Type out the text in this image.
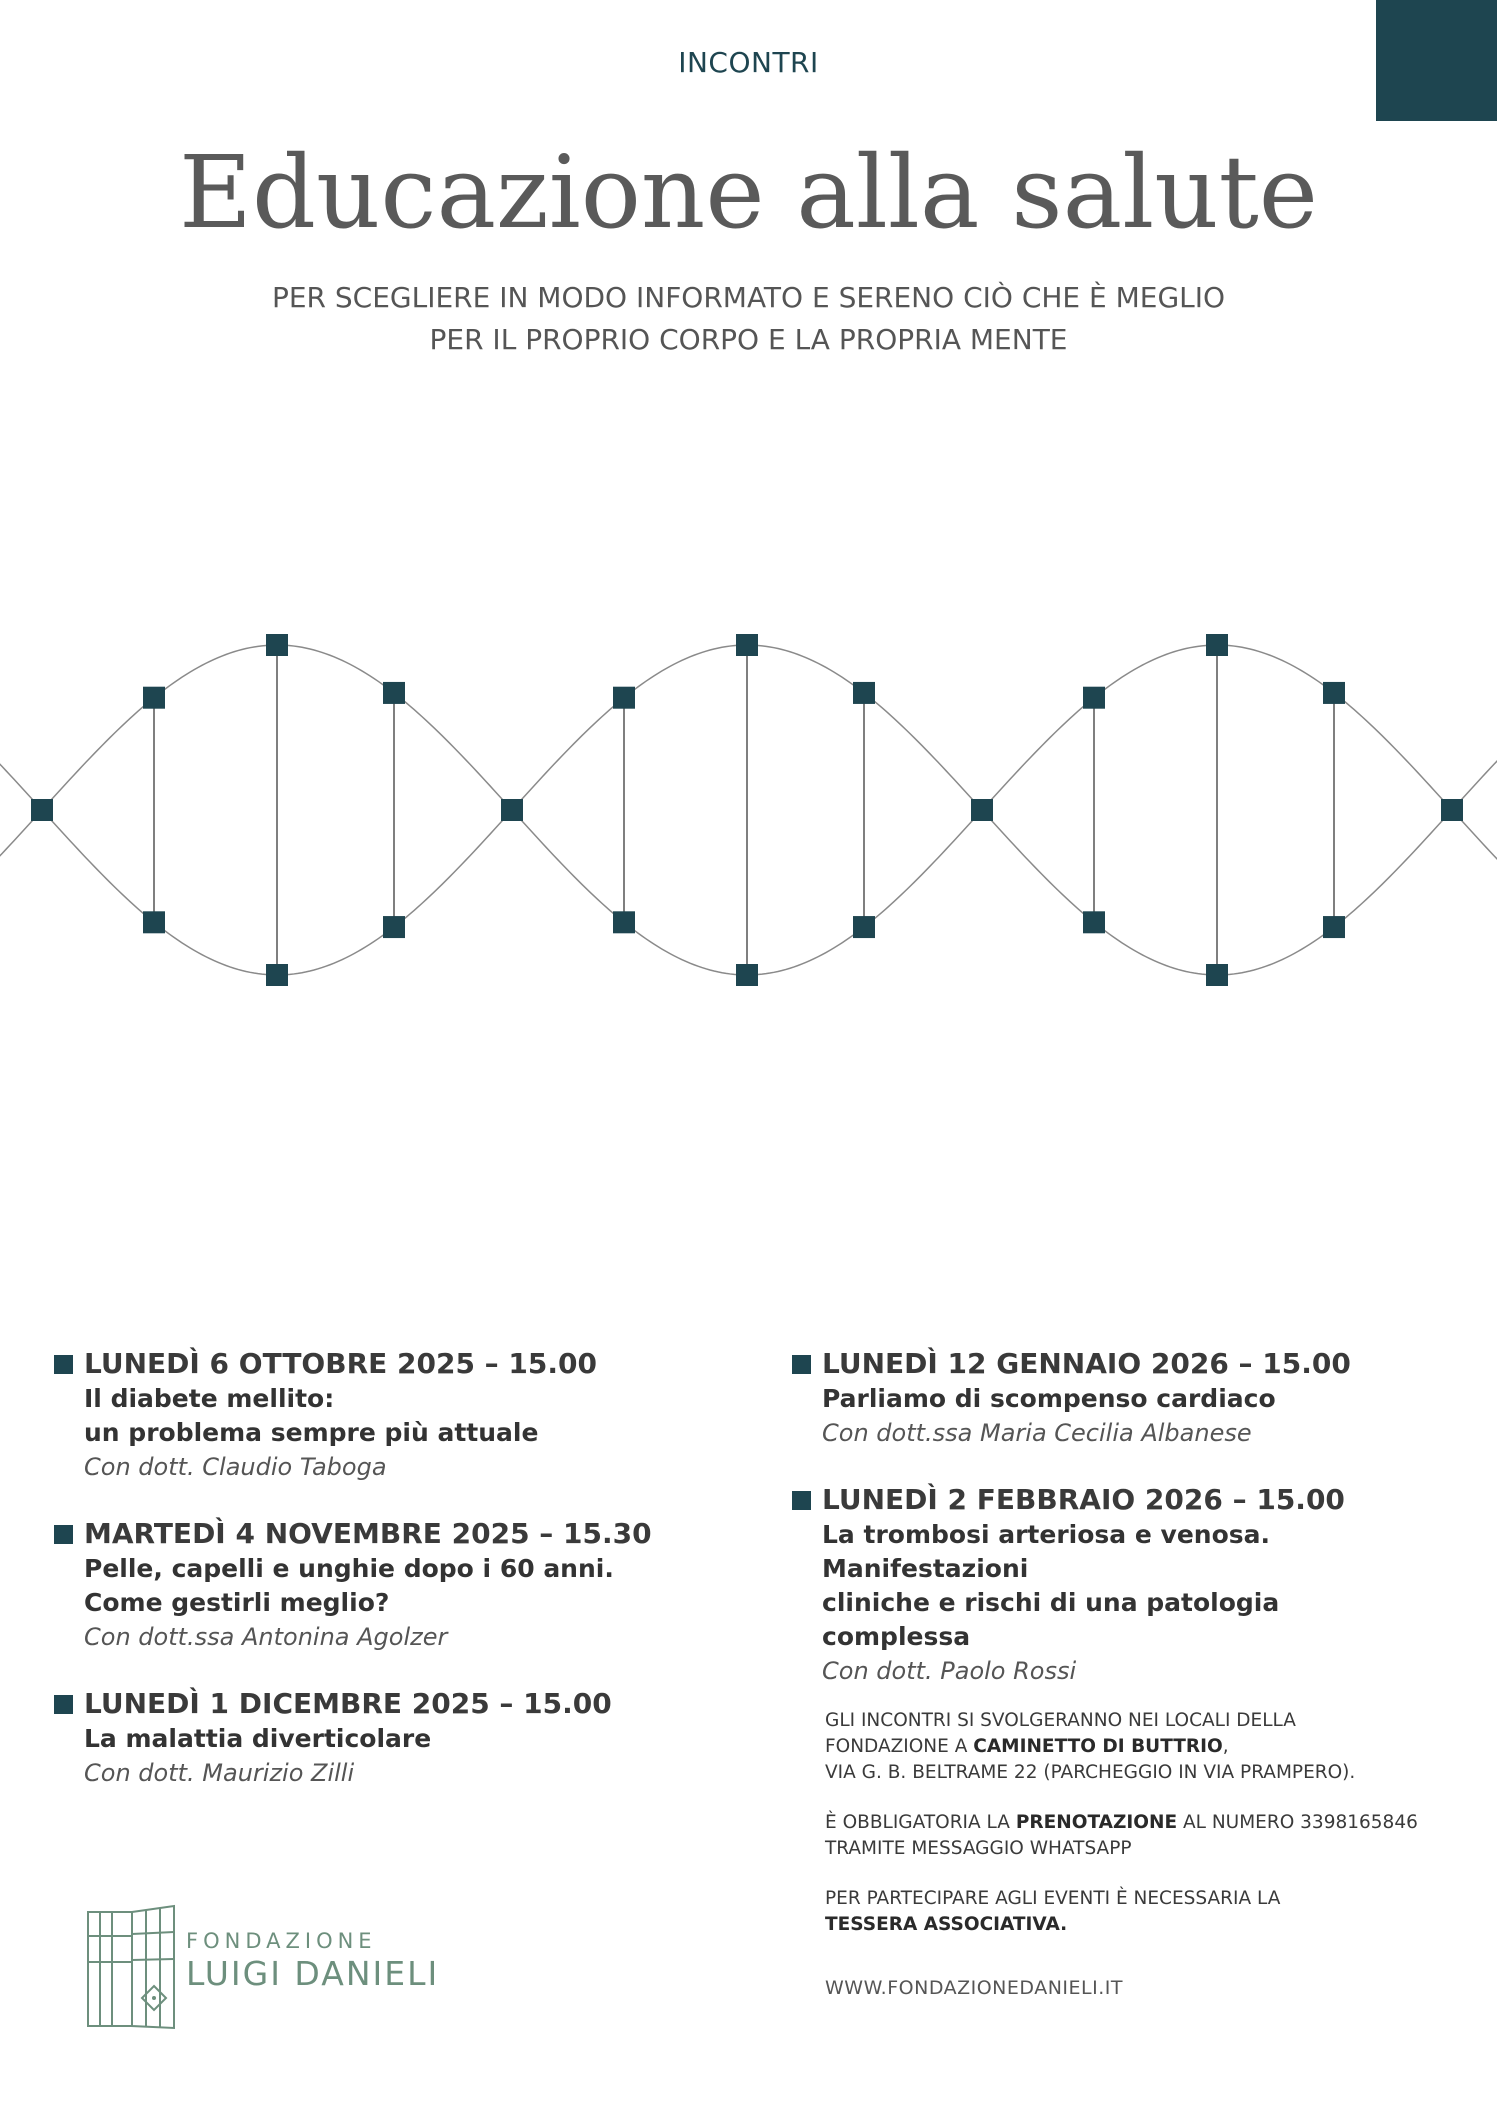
INCONTRI
Educazione alla salute
PER SCEGLIERE IN MODO INFORMATO E SERENO CIÒ CHE È MEGLIO
PER IL PROPRIO CORPO E LA PROPRIA MENTE
LUNEDÌ 6 OTTOBRE 2025 – 15.00
Il diabete mellito:
un problema sempre più attuale
Con dott. Claudio Taboga
MARTEDÌ 4 NOVEMBRE 2025 – 15.30
Pelle, capelli e unghie dopo i 60 anni.
Come gestirli meglio?
Con dott.ssa Antonina Agolzer
LUNEDÌ 1 DICEMBRE 2025 – 15.00
La malattia diverticolare
Con dott. Maurizio Zilli
LUNEDÌ 12 GENNAIO 2026 – 15.00
Parliamo di scompenso cardiaco
Con dott.ssa Maria Cecilia Albanese
LUNEDÌ 2 FEBBRAIO 2026 – 15.00
La trombosi arteriosa e venosa. Manifestazioni
cliniche e rischi di una patologia complessa
Con dott. Paolo Rossi

GLI INCONTRI SI SVOLGERANNO NEI LOCALI DELLA
FONDAZIONE A CAMINETTO DI BUTTRIO,
VIA G. B. BELTRAME 22 (PARCHEGGIO IN VIA PRAMPERO).

È OBBLIGATORIA LA PRENOTAZIONE AL NUMERO 3398165846
TRAMITE MESSAGGIO WHATSAPP

PER PARTECIPARE AGLI EVENTI È NECESSARIA LA
TESSERA ASSOCIATIVA.

WWW.FONDAZIONEDANIELI.IT
FONDAZIONE
LUIGI DANIELI
